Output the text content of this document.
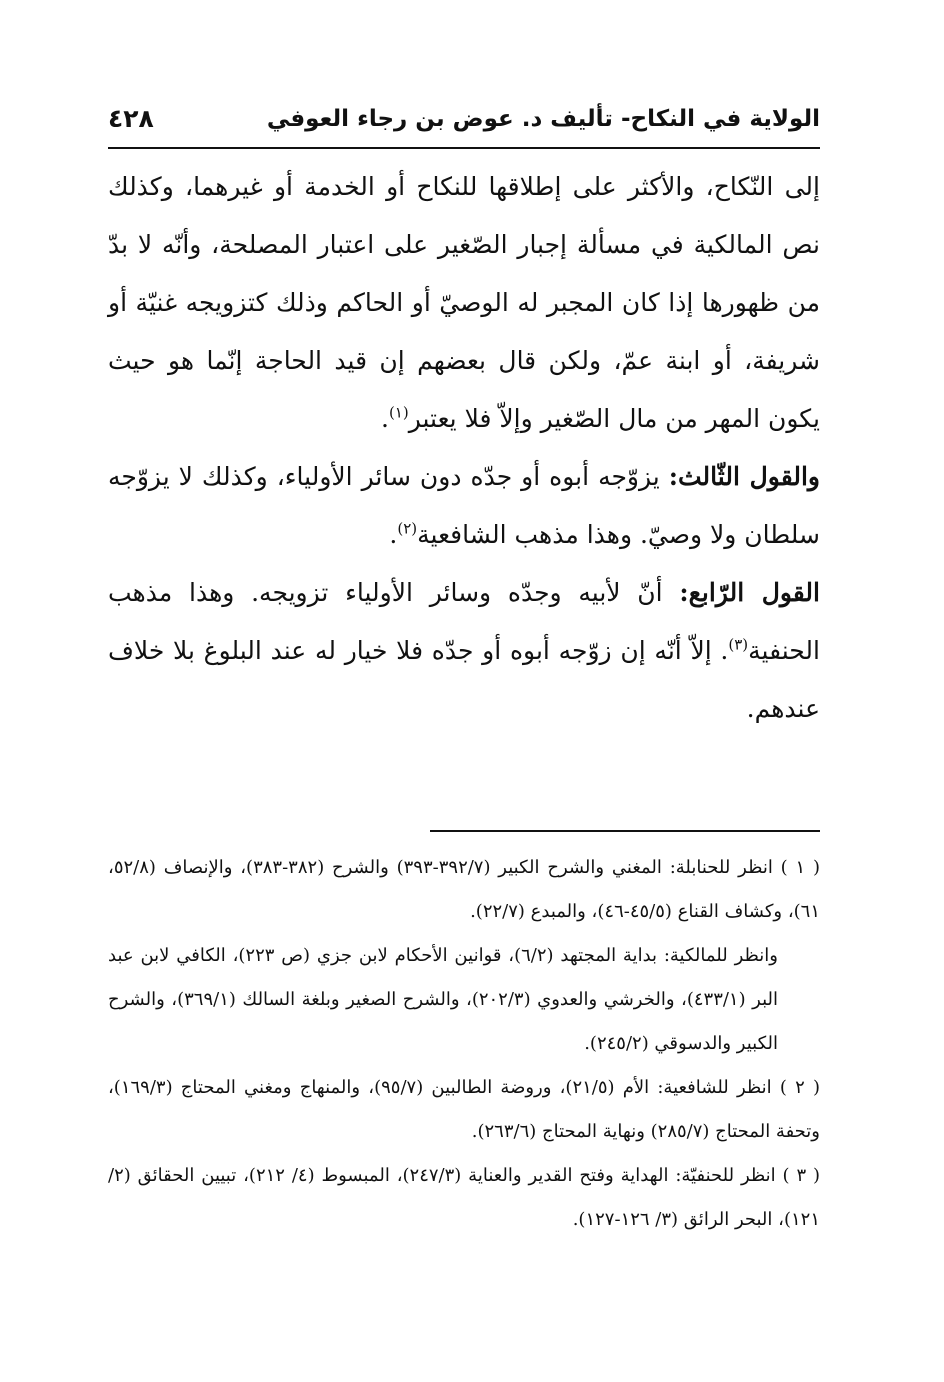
الولاية في النكاح- تأليف د. عوض بن رجاء العوفي
٤٢٨

إلى النّكاح، والأكثر على إطلاقها للنكاح أو الخدمة أو غيرهما، وكذلك نص المالكية في مسألة إجبار الصّغير على اعتبار المصلحة، وأنّه لا بدّ من ظهورها إذا كان المجبر له الوصيّ أو الحاكم وذلك كتزويجه غنيّة أو شريفة، أو ابنة عمّ، ولكن قال بعضهم إن قيد الحاجة إنّما هو حيث يكون المهر من مال الصّغير وإلاّ فلا يعتبر$^{(١)}$.

والقول الثّالث: يزوّجه أبوه أو جدّه دون سائر الأولياء، وكذلك لا يزوّجه سلطان ولا وصيّ. وهذا مذهب الشافعية$^{(٢)}$.

القول الرّابع: أنّ لأبيه وجدّه وسائر الأولياء تزويجه. وهذا مذهب الحنفية$^{(٣)}$. إلاّ أنّه إن زوّجه أبوه أو جدّه فلا خيار له عند البلوغ بلا خلاف عندهم.

( ١ ) انظر للحنابلة: المغني والشرح الكبير (٣٩٢/٧-٣٩٣) والشرح (٣٨٢-٣٨٣)، والإنصاف (٥٢/٨، ٦١)، وكشاف القناع (٤٥/٥-٤٦)، والمبدع (٢٢/٧).

وانظر للمالكية: بداية المجتهد (٦/٢)، قوانين الأحكام لابن جزي (ص ٢٢٣)، الكافي لابن عبد البر (٤٣٣/١)، والخرشي والعدوي (٢٠٢/٣)، والشرح الصغير وبلغة السالك (٣٦٩/١)، والشرح الكبير والدسوقي (٢٤٥/٢).

( ٢ ) انظر للشافعية: الأم (٢١/٥)، وروضة الطالبين (٩٥/٧)، والمنهاج ومغني المحتاج (١٦٩/٣)، وتحفة المحتاج (٢٨٥/٧) ونهاية المحتاج (٢٦٣/٦).

( ٣ ) انظر للحنفيّة: الهداية وفتح القدير والعناية (٢٤٧/٣)، المبسوط (٤/ ٢١٢)، تبيين الحقائق (٢/ ١٢١)، البحر الرائق (٣/ ١٢٦-١٢٧).
